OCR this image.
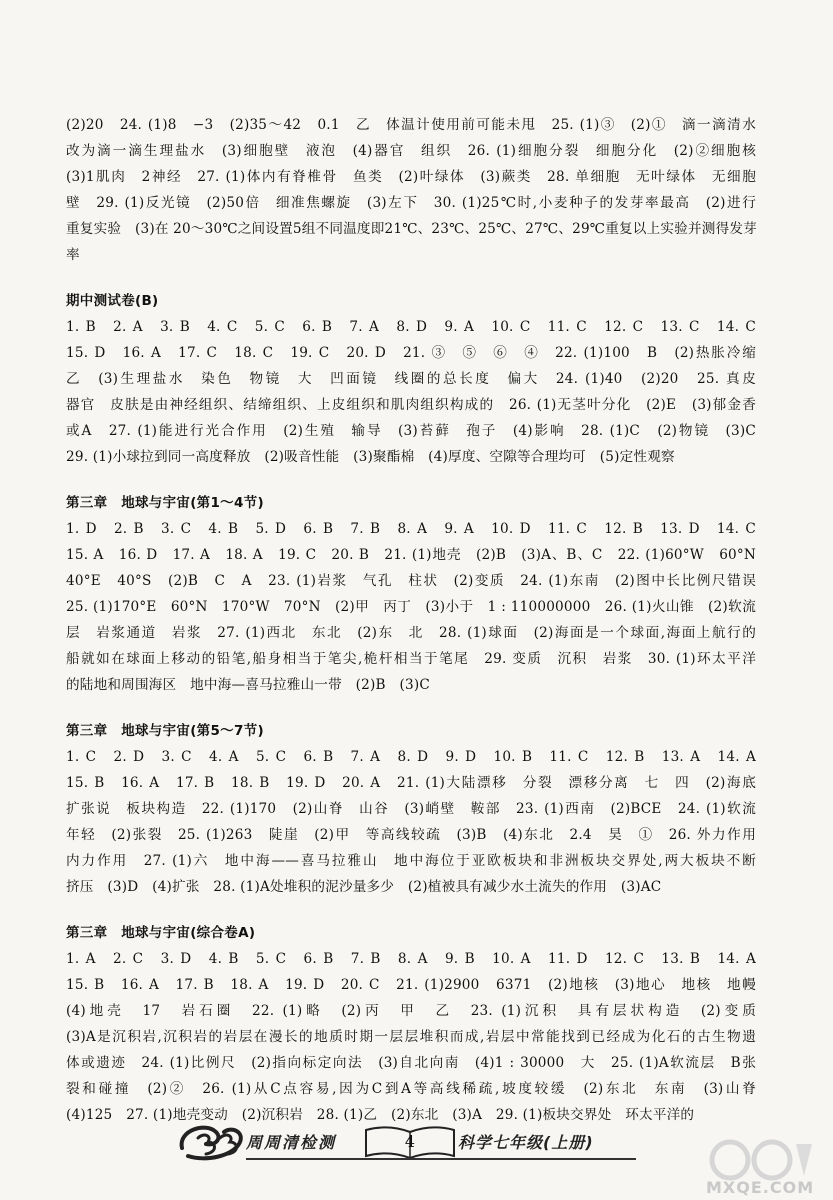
(2)20　24. (1)8　−3　(2)35～42　0.1　乙　体温计使用前可能未甩　25. (1)③　(2)①　滴一滴清水
改为滴一滴生理盐水　(3)细胞壁　液泡　(4)器官　组织　26. (1)细胞分裂　细胞分化　(2)②细胞核
(3)1肌肉　2神经　27. (1)体内有脊椎骨　鱼类　(2)叶绿体　(3)蕨类　28. 单细胞　无叶绿体　无细胞
壁　29. (1)反光镜　(2)50倍　细准焦螺旋　(3)左下　30. (1)25℃时,小麦种子的发芽率最高　(2)进行
重复实验　(3)在 20～30℃之间设置5组不同温度即21℃、23℃、25℃、27℃、29℃重复以上实验并测得发芽
率
期中测试卷(B)
1. B　2. A　3. B　4. C　5. C　6. B　7. A　8. D　9. A　10. C　11. C　12. C　13. C　14. C
15. D　16. A　17. C　18. C　19. C　20. D　21. ③　⑤　⑥　④　22. (1)100　B　(2)热胀冷缩
乙　(3)生理盐水　染色　物镜　大　凹面镜　线圈的总长度　偏大　24. (1)40　(2)20　25. 真皮
器官　皮肤是由神经组织、结缔组织、上皮组织和肌肉组织构成的　26. (1)无茎叶分化　(2)E　(3)郁金香
或A　27. (1)能进行光合作用　(2)生殖　输导　(3)苔藓　孢子　(4)影响　28. (1)C　(2)物镜　(3)C
29. (1)小球拉到同一高度释放　(2)吸音性能　(3)聚酯棉　(4)厚度、空隙等合理均可　(5)定性观察
第三章　地球与宇宙(第1～4节)
1. D　2. B　3. C　4. B　5. D　6. B　7. B　8. A　9. A　10. D　11. C　12. B　13. D　14. C
15. A　16. D　17. A　18. A　19. C　20. B　21. (1)地壳　(2)B　(3)A、B、C　22. (1)60°W　60°N
40°E　40°S　(2)B　C　A　23. (1)岩浆　气孔　柱状　(2)变质　24. (1)东南　(2)图中长比例尺错误
25. (1)170°E　60°N　170°W　70°N　(2)甲　丙丁　(3)小于　1 : 110000000　26. (1)火山锥　(2)软流
层　岩浆通道　岩浆　27. (1)西北　东北　(2)东　北　28. (1)球面　(2)海面是一个球面,海面上航行的
船就如在球面上移动的铅笔,船身相当于笔尖,桅杆相当于笔尾　29. 变质　沉积　岩浆　30. (1)环太平洋
的陆地和周围海区　地中海—喜马拉雅山一带　(2)B　(3)C
第三章　地球与宇宙(第5～7节)
1. C　2. D　3. C　4. A　5. C　6. B　7. A　8. D　9. D　10. B　11. C　12. B　13. A　14. A
15. B　16. A　17. B　18. B　19. D　20. A　21. (1)大陆漂移　分裂　漂移分离　七　四　(2)海底
扩张说　板块构造　22. (1)170　(2)山脊　山谷　(3)峭壁　鞍部　23. (1)西南　(2)BCE　24. (1)软流
年轻　(2)张裂　25. (1)263　陡崖　(2)甲　等高线较疏　(3)B　(4)东北　2.4　昊　①　26. 外力作用
内力作用　27. (1)六　地中海——喜马拉雅山　地中海位于亚欧板块和非洲板块交界处,两大板块不断
挤压　(3)D　(4)扩张　28. (1)A处堆积的泥沙量多少　(2)植被具有减少水土流失的作用　(3)AC
第三章　地球与宇宙(综合卷A)
1. A　2. C　3. D　4. B　5. C　6. B　7. B　8. A　9. B　10. A　11. D　12. C　13. B　14. A
15. B　16. A　17. B　18. A　19. D　20. C　21. (1)2900　6371　(2)地核　(3)地心　地核　地幔
(4)地壳　17　岩石圈　22. (1)略　(2)丙　甲　乙　23. (1)沉积　具有层状构造　(2)变质
(3)A是沉积岩,沉积岩的岩层在漫长的地质时期一层层堆积而成,岩层中常能找到已经成为化石的古生物遗
体或遗迹　24. (1)比例尺　(2)指向标定向法　(3)自北向南　(4)1 : 30000　大　25. (1)A软流层　B张
裂和碰撞　(2)②　26. (1)从C点容易,因为C到A等高线稀疏,坡度较缓　(2)东北　东南　(3)山脊
(4)125　27. (1)地壳变动　(2)沉积岩　28. (1)乙　(2)东北　(3)A　29. (1)板块交界处　环太平洋的
周周清检测	4	科学七年级(上册)
MXQE.COM
